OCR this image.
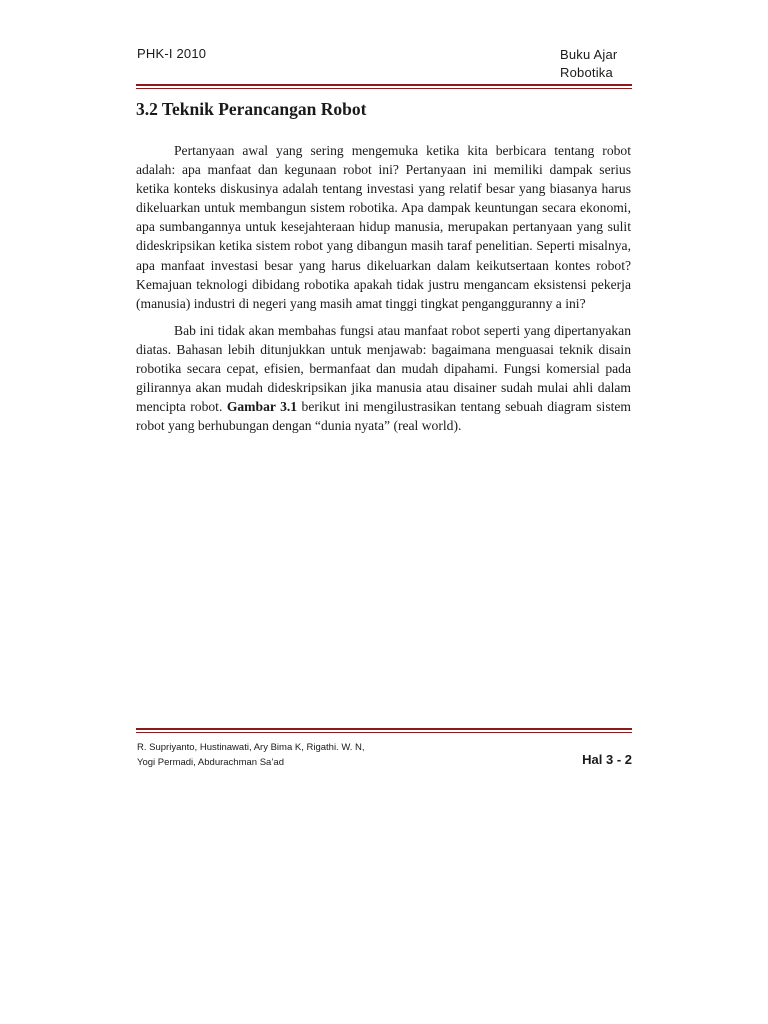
PHK-I 2010	Buku Ajar
Robotika
3.2 Teknik Perancangan Robot

Pertanyaan awal yang sering mengemuka ketika kita berbicara tentang robot adalah: apa manfaat dan kegunaan robot ini? Pertanyaan ini memiliki dampak serius ketika konteks diskusinya adalah tentang investasi yang relatif besar yang biasanya harus dikeluarkan untuk membangun sistem robotika. Apa dampak keuntungan secara ekonomi, apa sumbangannya untuk kesejahteraan hidup manusia, merupakan pertanyaan yang sulit dideskripsikan ketika sistem robot yang dibangun masih taraf penelitian. Seperti misalnya, apa manfaat investasi besar yang harus dikeluarkan dalam keikutsertaan kontes robot? Kemajuan teknologi dibidang robotika apakah tidak justru mengancam eksistensi pekerja (manusia) industri di negeri yang masih amat tinggi tingkat pengangguranny a ini?

Bab ini tidak akan membahas fungsi atau manfaat robot seperti yang dipertanyakan diatas. Bahasan lebih ditunjukkan untuk menjawab: bagaimana menguasai teknik disain robotika secara cepat, efisien, bermanfaat dan mudah dipahami. Fungsi komersial pada gilirannya akan mudah dideskripsikan jika manusia atau disainer sudah mulai ahli dalam mencipta robot. Gambar 3.1 berikut ini mengilustrasikan tentang sebuah diagram sistem robot yang berhubungan dengan “dunia nyata” (real world).

R. Supriyanto, Hustinawati, Ary Bima K, Rigathi. W. N,
Yogi Permadi, Abdurachman Sa’ad	Hal 3 - 2
